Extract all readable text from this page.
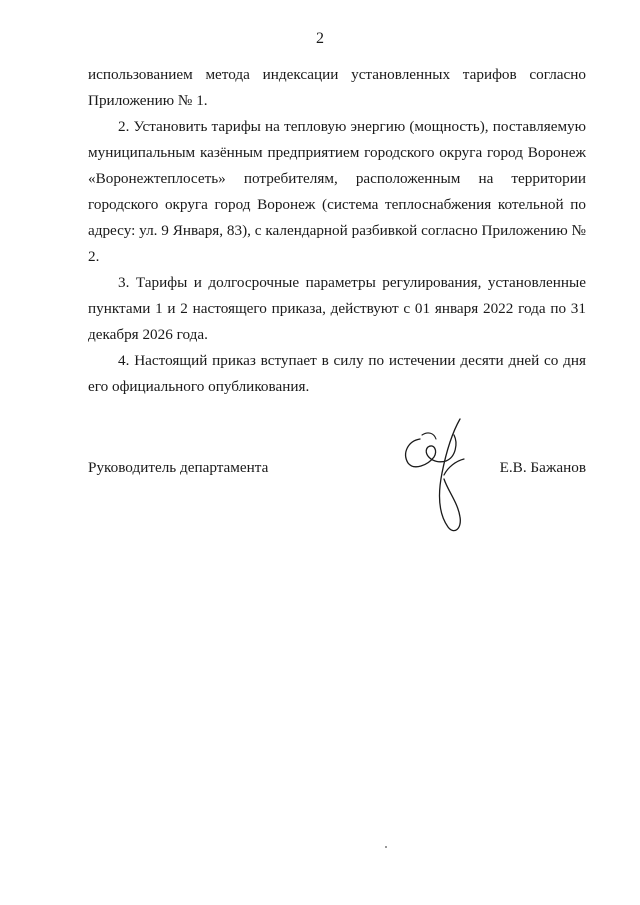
2

использованием метода индексации установленных тарифов согласно Приложению № 1.

2. Установить тарифы на тепловую энергию (мощность), поставляемую муниципальным казённым предприятием городского округа город Воронеж «Воронежтеплосеть» потребителям, расположенным на территории городского округа город Воронеж (система теплоснабжения котельной по адресу: ул. 9 Января, 83), с календарной разбивкой согласно Приложению № 2.

3. Тарифы и долгосрочные параметры регулирования, установленные пунктами 1 и 2 настоящего приказа, действуют с 01 января 2022 года по 31 декабря 2026 года.

4. Настоящий приказ вступает в силу по истечении десяти дней со дня его официального опубликования.

Руководитель департамента	Е.В. Бажанов
